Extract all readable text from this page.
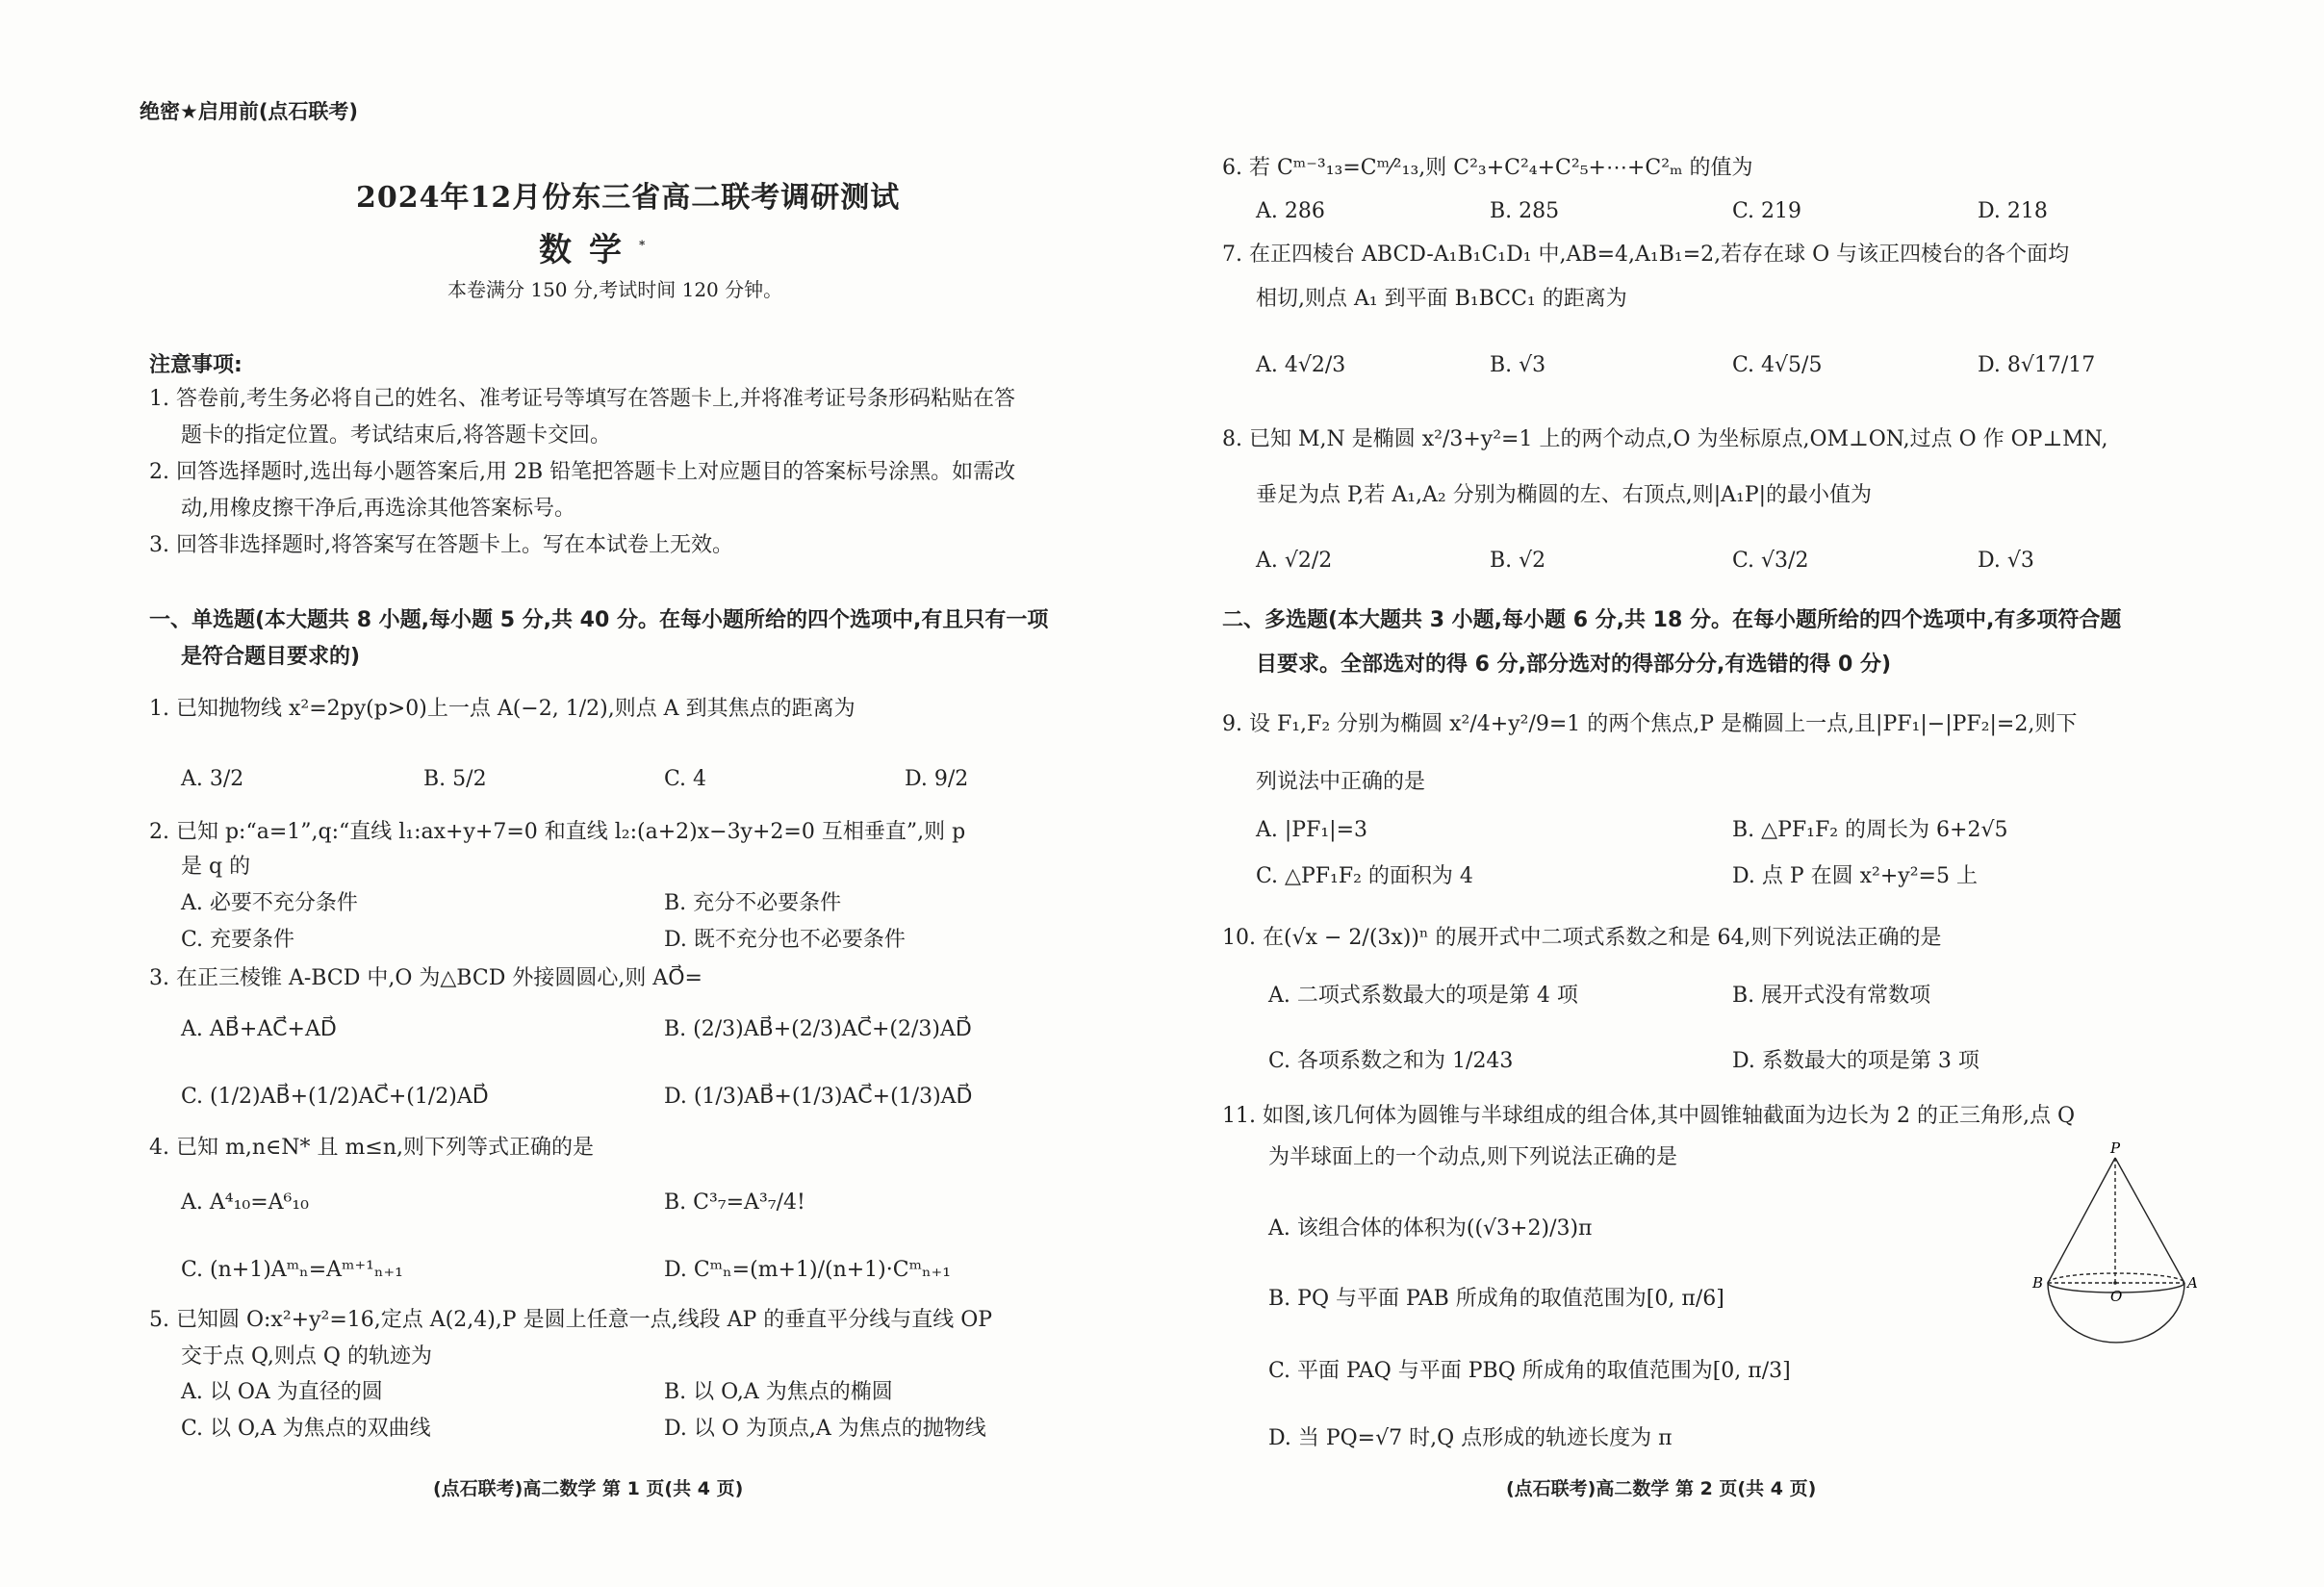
绝密★启用前(点石联考)
2024年12月份东三省高二联考调研测试
数学*
本卷满分 150 分,考试时间 120 分钟。
注意事项:
1. 答卷前,考生务必将自己的姓名、准考证号等填写在答题卡上,并将准考证号条形码粘贴在答
题卡的指定位置。考试结束后,将答题卡交回。
2. 回答选择题时,选出每小题答案后,用 2B 铅笔把答题卡上对应题目的答案标号涂黑。如需改
动,用橡皮擦干净后,再选涂其他答案标号。
3. 回答非选择题时,将答案写在答题卡上。写在本试卷上无效。
一、单选题(本大题共 8 小题,每小题 5 分,共 40 分。在每小题所给的四个选项中,有且只有一项
是符合题目要求的)
1. 已知抛物线 x²=2py(p>0)上一点 A(−2, 1/2),则点 A 到其焦点的距离为
A. 3/2	B. 5/2	C. 4	D. 9/2
2. 已知 p:“a=1”,q:“直线 l₁:ax+y+7=0 和直线 l₂:(a+2)x−3y+2=0 互相垂直”,则 p
是 q 的
A. 必要不充分条件	B. 充分不必要条件
C. 充要条件	D. 既不充分也不必要条件
3. 在正三棱锥 A-BCD 中,O 为△BCD 外接圆圆心,则 AO⃗=
A. AB⃗+AC⃗+AD⃗	B. (2/3)AB⃗+(2/3)AC⃗+(2/3)AD⃗
C. (1/2)AB⃗+(1/2)AC⃗+(1/2)AD⃗	D. (1/3)AB⃗+(1/3)AC⃗+(1/3)AD⃗
4. 已知 m,n∈N* 且 m≤n,则下列等式正确的是
A. A⁴₁₀=A⁶₁₀	B. C³₇=A³₇/4!
C. (n+1)Aᵐₙ=Aᵐ⁺¹ₙ₊₁	D. Cᵐₙ=(m+1)/(n+1)·Cᵐₙ₊₁
5. 已知圆 O:x²+y²=16,定点 A(2,4),P 是圆上任意一点,线段 AP 的垂直平分线与直线 OP
交于点 Q,则点 Q 的轨迹为
A. 以 OA 为直径的圆	B. 以 O,A 为焦点的椭圆
C. 以 O,A 为焦点的双曲线	D. 以 O 为顶点,A 为焦点的抛物线
(点石联考)高二数学 第 1 页(共 4 页)
6. 若 Cᵐ⁻³₁₃=Cᵐ⁄²₁₃,则 C²₃+C²₄+C²₅+⋯+C²ₘ 的值为
A. 286	B. 285	C. 219	D. 218
7. 在正四棱台 ABCD-A₁B₁C₁D₁ 中,AB=4,A₁B₁=2,若存在球 O 与该正四棱台的各个面均
相切,则点 A₁ 到平面 B₁BCC₁ 的距离为
A. 4√2/3	B. √3	C. 4√5/5	D. 8√17/17
8. 已知 M,N 是椭圆 x²/3+y²=1 上的两个动点,O 为坐标原点,OM⊥ON,过点 O 作 OP⊥MN,
垂足为点 P,若 A₁,A₂ 分别为椭圆的左、右顶点,则|A₁P|的最小值为
A. √2/2	B. √2	C. √3/2	D. √3
二、多选题(本大题共 3 小题,每小题 6 分,共 18 分。在每小题所给的四个选项中,有多项符合题
目要求。全部选对的得 6 分,部分选对的得部分分,有选错的得 0 分)
9. 设 F₁,F₂ 分别为椭圆 x²/4+y²/9=1 的两个焦点,P 是椭圆上一点,且|PF₁|−|PF₂|=2,则下
列说法中正确的是
A. |PF₁|=3	B. △PF₁F₂ 的周长为 6+2√5
C. △PF₁F₂ 的面积为 4	D. 点 P 在圆 x²+y²=5 上
10. 在(√x − 2/(3x))ⁿ 的展开式中二项式系数之和是 64,则下列说法正确的是
A. 二项式系数最大的项是第 4 项	B. 展开式没有常数项
C. 各项系数之和为 1/243	D. 系数最大的项是第 3 项
11. 如图,该几何体为圆锥与半球组成的组合体,其中圆锥轴截面为边长为 2 的正三角形,点 Q
为半球面上的一个动点,则下列说法正确的是
A. 该组合体的体积为((√3+2)/3)π
B. PQ 与平面 PAB 所成角的取值范围为[0, π/6]
C. 平面 PAQ 与平面 PBQ 所成角的取值范围为[0, π/3]
D. 当 PQ=√7 时,Q 点形成的轨迹长度为 π
P
B
O
A
(点石联考)高二数学 第 2 页(共 4 页)
